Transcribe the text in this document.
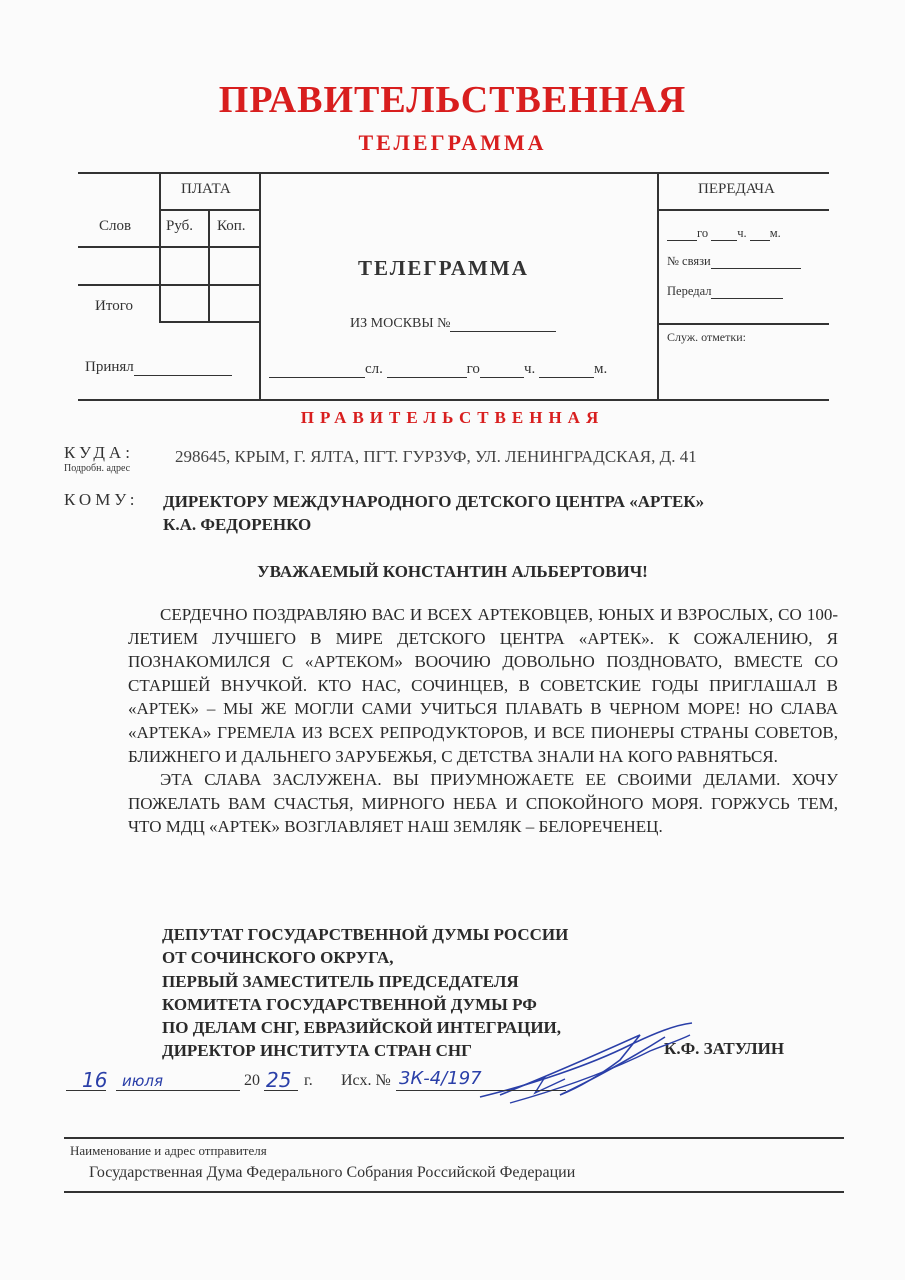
ПРАВИТЕЛЬСТВЕННАЯ
ТЕЛЕГРАММА
ПЛАТА
Слов Руб. Коп.
Итого
Принял
ТЕЛЕГРАММА
ИЗ МОСКВЫ №
сл.	го	ч.	м.
ПЕРЕДАЧА
го ч. м.
№ связи
Передал
Служ. отметки:
ПРАВИТЕЛЬСТВЕННАЯ
КУДА:
Подробн. адрес
298645, КРЫМ, Г. ЯЛТА, ПГТ. ГУРЗУФ, УЛ. ЛЕНИНГРАДСКАЯ, Д. 41
КОМУ: ДИРЕКТОРУ МЕЖДУНАРОДНОГО ДЕТСКОГО ЦЕНТРА «АРТЕК»
К.А. ФЕДОРЕНКО
УВАЖАЕМЫЙ КОНСТАНТИН АЛЬБЕРТОВИЧ!

СЕРДЕЧНО ПОЗДРАВЛЯЮ ВАС И ВСЕХ АРТЕКОВЦЕВ, ЮНЫХ И ВЗРОСЛЫХ, СО 100-ЛЕТИЕМ ЛУЧШЕГО В МИРЕ ДЕТСКОГО ЦЕНТРА «АРТЕК». К СОЖАЛЕНИЮ, Я ПОЗНАКОМИЛСЯ С «АРТЕКОМ» ВООЧИЮ ДОВОЛЬНО ПОЗДНОВАТО, ВМЕСТЕ СО СТАРШЕЙ ВНУЧКОЙ. КТО НАС, СОЧИНЦЕВ, В СОВЕТСКИЕ ГОДЫ ПРИГЛАШАЛ В «АРТЕК» – МЫ ЖЕ МОГЛИ САМИ УЧИТЬСЯ ПЛАВАТЬ В ЧЕРНОМ МОРЕ! НО СЛАВА «АРТЕКА» ГРЕМЕЛА ИЗ ВСЕХ РЕПРОДУКТОРОВ, И ВСЕ ПИОНЕРЫ СТРАНЫ СОВЕТОВ, БЛИЖНЕГО И ДАЛЬНЕГО ЗАРУБЕЖЬЯ, С ДЕТСТВА ЗНАЛИ НА КОГО РАВНЯТЬСЯ.

ЭТА СЛАВА ЗАСЛУЖЕНА. ВЫ ПРИУМНОЖАЕТЕ ЕЕ СВОИМИ ДЕЛАМИ. ХОЧУ ПОЖЕЛАТЬ ВАМ СЧАСТЬЯ, МИРНОГО НЕБА И СПОКОЙНОГО МОРЯ. ГОРЖУСЬ ТЕМ, ЧТО МДЦ «АРТЕК» ВОЗГЛАВЛЯЕТ НАШ ЗЕМЛЯК – БЕЛОРЕЧЕНЕЦ.

ДЕПУТАТ ГОСУДАРСТВЕННОЙ ДУМЫ РОССИИ
ОТ СОЧИНСКОГО ОКРУГА,
ПЕРВЫЙ ЗАМЕСТИТЕЛЬ ПРЕДСЕДАТЕЛЯ
КОМИТЕТА ГОСУДАРСТВЕННОЙ ДУМЫ РФ
ПО ДЕЛАМ СНГ, ЕВРАЗИЙСКОЙ ИНТЕГРАЦИИ,
ДИРЕКТОР ИНСТИТУТА СТРАН СНГ	К.Ф. ЗАТУЛИН
16 июля	20 25 г. Исх. № 3К-4/197
Наименование и адрес отправителя
Государственная Дума Федерального Собрания Российской Федерации
